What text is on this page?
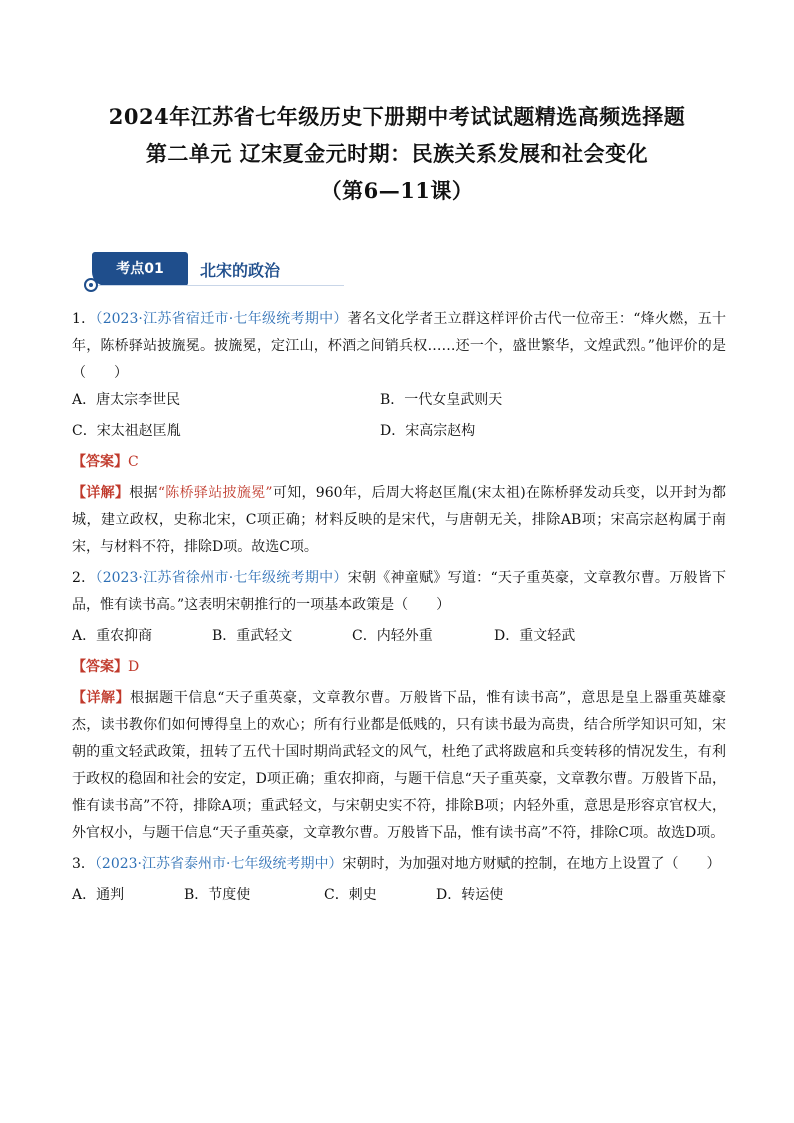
2024年江苏省七年级历史下册期中考试试题精选高频选择题

第二单元 辽宋夏金元时期：民族关系发展和社会变化

（第6—11课）

考点01	北宋的政治

1．（2023·江苏省宿迁市·七年级统考期中）著名文化学者王立群这样评价古代一位帝王：“烽火燃，五十年，陈桥驿站披旒冕。披旒冕，定江山，杯酒之间销兵权……还一个，盛世繁华，文煌武烈。”他评价的是（　　）

A．唐太宗李世民	B．一代女皇武则天
C．宋太祖赵匡胤	D．宋高宗赵构

【答案】C

【详解】根据“陈桥驿站披旒冕”可知，960年，后周大将赵匡胤(宋太祖)在陈桥驿发动兵变，以开封为都城，建立政权，史称北宋，C项正确；材料反映的是宋代，与唐朝无关，排除AB项；宋高宗赵构属于南宋，与材料不符，排除D项。故选C项。

2．（2023·江苏省徐州市·七年级统考期中）宋朝《神童赋》写道：“天子重英豪，文章教尔曹。万般皆下品，惟有读书高。”这表明宋朝推行的一项基本政策是（　　）

A．重农抑商	B．重武轻文	C．内轻外重	D．重文轻武

【答案】D

【详解】根据题干信息“天子重英豪，文章教尔曹。万般皆下品，惟有读书高”，意思是皇上器重英雄豪杰，读书教你们如何博得皇上的欢心；所有行业都是低贱的，只有读书最为高贵，结合所学知识可知，宋朝的重文轻武政策，扭转了五代十国时期尚武轻文的风气，杜绝了武将跋扈和兵变转移的情况发生，有利于政权的稳固和社会的安定，D项正确；重农抑商，与题干信息“天子重英豪，文章教尔曹。万般皆下品，惟有读书高”不符，排除A项；重武轻文，与宋朝史实不符，排除B项；内轻外重，意思是形容京官权大，外官权小，与题干信息“天子重英豪，文章教尔曹。万般皆下品，惟有读书高”不符，排除C项。故选D项。

3．（2023·江苏省泰州市·七年级统考期中）宋朝时，为加强对地方财赋的控制，在地方上设置了（　　）

A．通判	B．节度使	C．刺史	D．转运使
